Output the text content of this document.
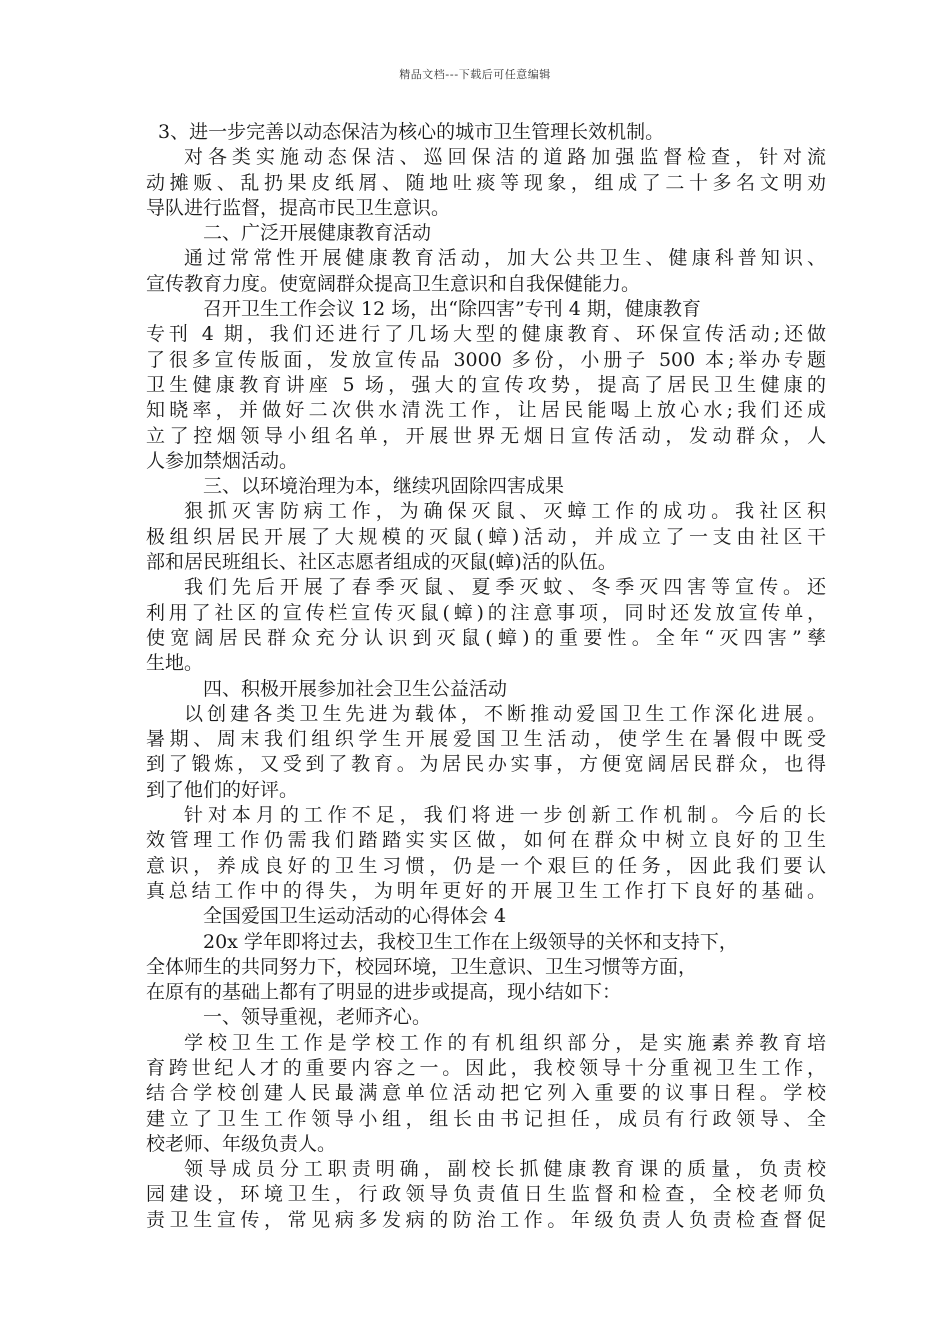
精品文档---下载后可任意编辑
3、进一步完善以动态保洁为核心的城市卫生管理长效机制。
对各类实施动态保洁、巡回保洁的道路加强监督检查，针对流
动摊贩、乱扔果皮纸屑、随地吐痰等现象，组成了二十多名文明劝
导队进行监督，提高市民卫生意识。
二、广泛开展健康教育活动
通过常常性开展健康教育活动，加大公共卫生、健康科普知识、
宣传教育力度。使宽阔群众提高卫生意识和自我保健能力。
召开卫生工作会议 12 场，出“除四害”专刊 4 期，健康教育
专刊 4 期，我们还进行了几场大型的健康教育、环保宣传活动;还做
了很多宣传版面，发放宣传品 3000 多份，小册子 500 本;举办专题
卫生健康教育讲座 5 场，强大的宣传攻势，提高了居民卫生健康的
知晓率，并做好二次供水清洗工作，让居民能喝上放心水;我们还成
立了控烟领导小组名单，开展世界无烟日宣传活动，发动群众，人
人参加禁烟活动。
三、以环境治理为本，继续巩固除四害成果
狠抓灭害防病工作，为确保灭鼠、灭蟑工作的成功。我社区积
极组织居民开展了大规模的灭鼠(蟑)活动，并成立了一支由社区干
部和居民班组长、社区志愿者组成的灭鼠(蟑)活的队伍。
我们先后开展了春季灭鼠、夏季灭蚊、冬季灭四害等宣传。还
利用了社区的宣传栏宣传灭鼠(蟑)的注意事项，同时还发放宣传单，
使宽阔居民群众充分认识到灭鼠(蟑)的重要性。全年“灭四害”孳
生地。
四、积极开展参加社会卫生公益活动
以创建各类卫生先进为载体，不断推动爱国卫生工作深化进展。
暑期、周末我们组织学生开展爱国卫生活动，使学生在暑假中既受
到了锻炼，又受到了教育。为居民办实事，方便宽阔居民群众，也得
到了他们的好评。
针对本月的工作不足，我们将进一步创新工作机制。今后的长
效管理工作仍需我们踏踏实实区做，如何在群众中树立良好的卫生
意识，养成良好的卫生习惯，仍是一个艰巨的任务，因此我们要认
真总结工作中的得失，为明年更好的开展卫生工作打下良好的基础。
全国爱国卫生运动活动的心得体会 4
20x 学年即将过去，我校卫生工作在上级领导的关怀和支持下，
全体师生的共同努力下，校园环境，卫生意识、卫生习惯等方面，
在原有的基础上都有了明显的进步或提高，现小结如下：
一、领导重视，老师齐心。
学校卫生工作是学校工作的有机组织部分，是实施素养教育培
育跨世纪人才的重要内容之一。因此，我校领导十分重视卫生工作，
结合学校创建人民最满意单位活动把它列入重要的议事日程。学校
建立了卫生工作领导小组，组长由书记担任，成员有行政领导、全
校老师、年级负责人。
领导成员分工职责明确，副校长抓健康教育课的质量，负责校
园建设，环境卫生，行政领导负责值日生监督和检查，全校老师负
责卫生宣传，常见病多发病的防治工作。年级负责人负责检查督促
